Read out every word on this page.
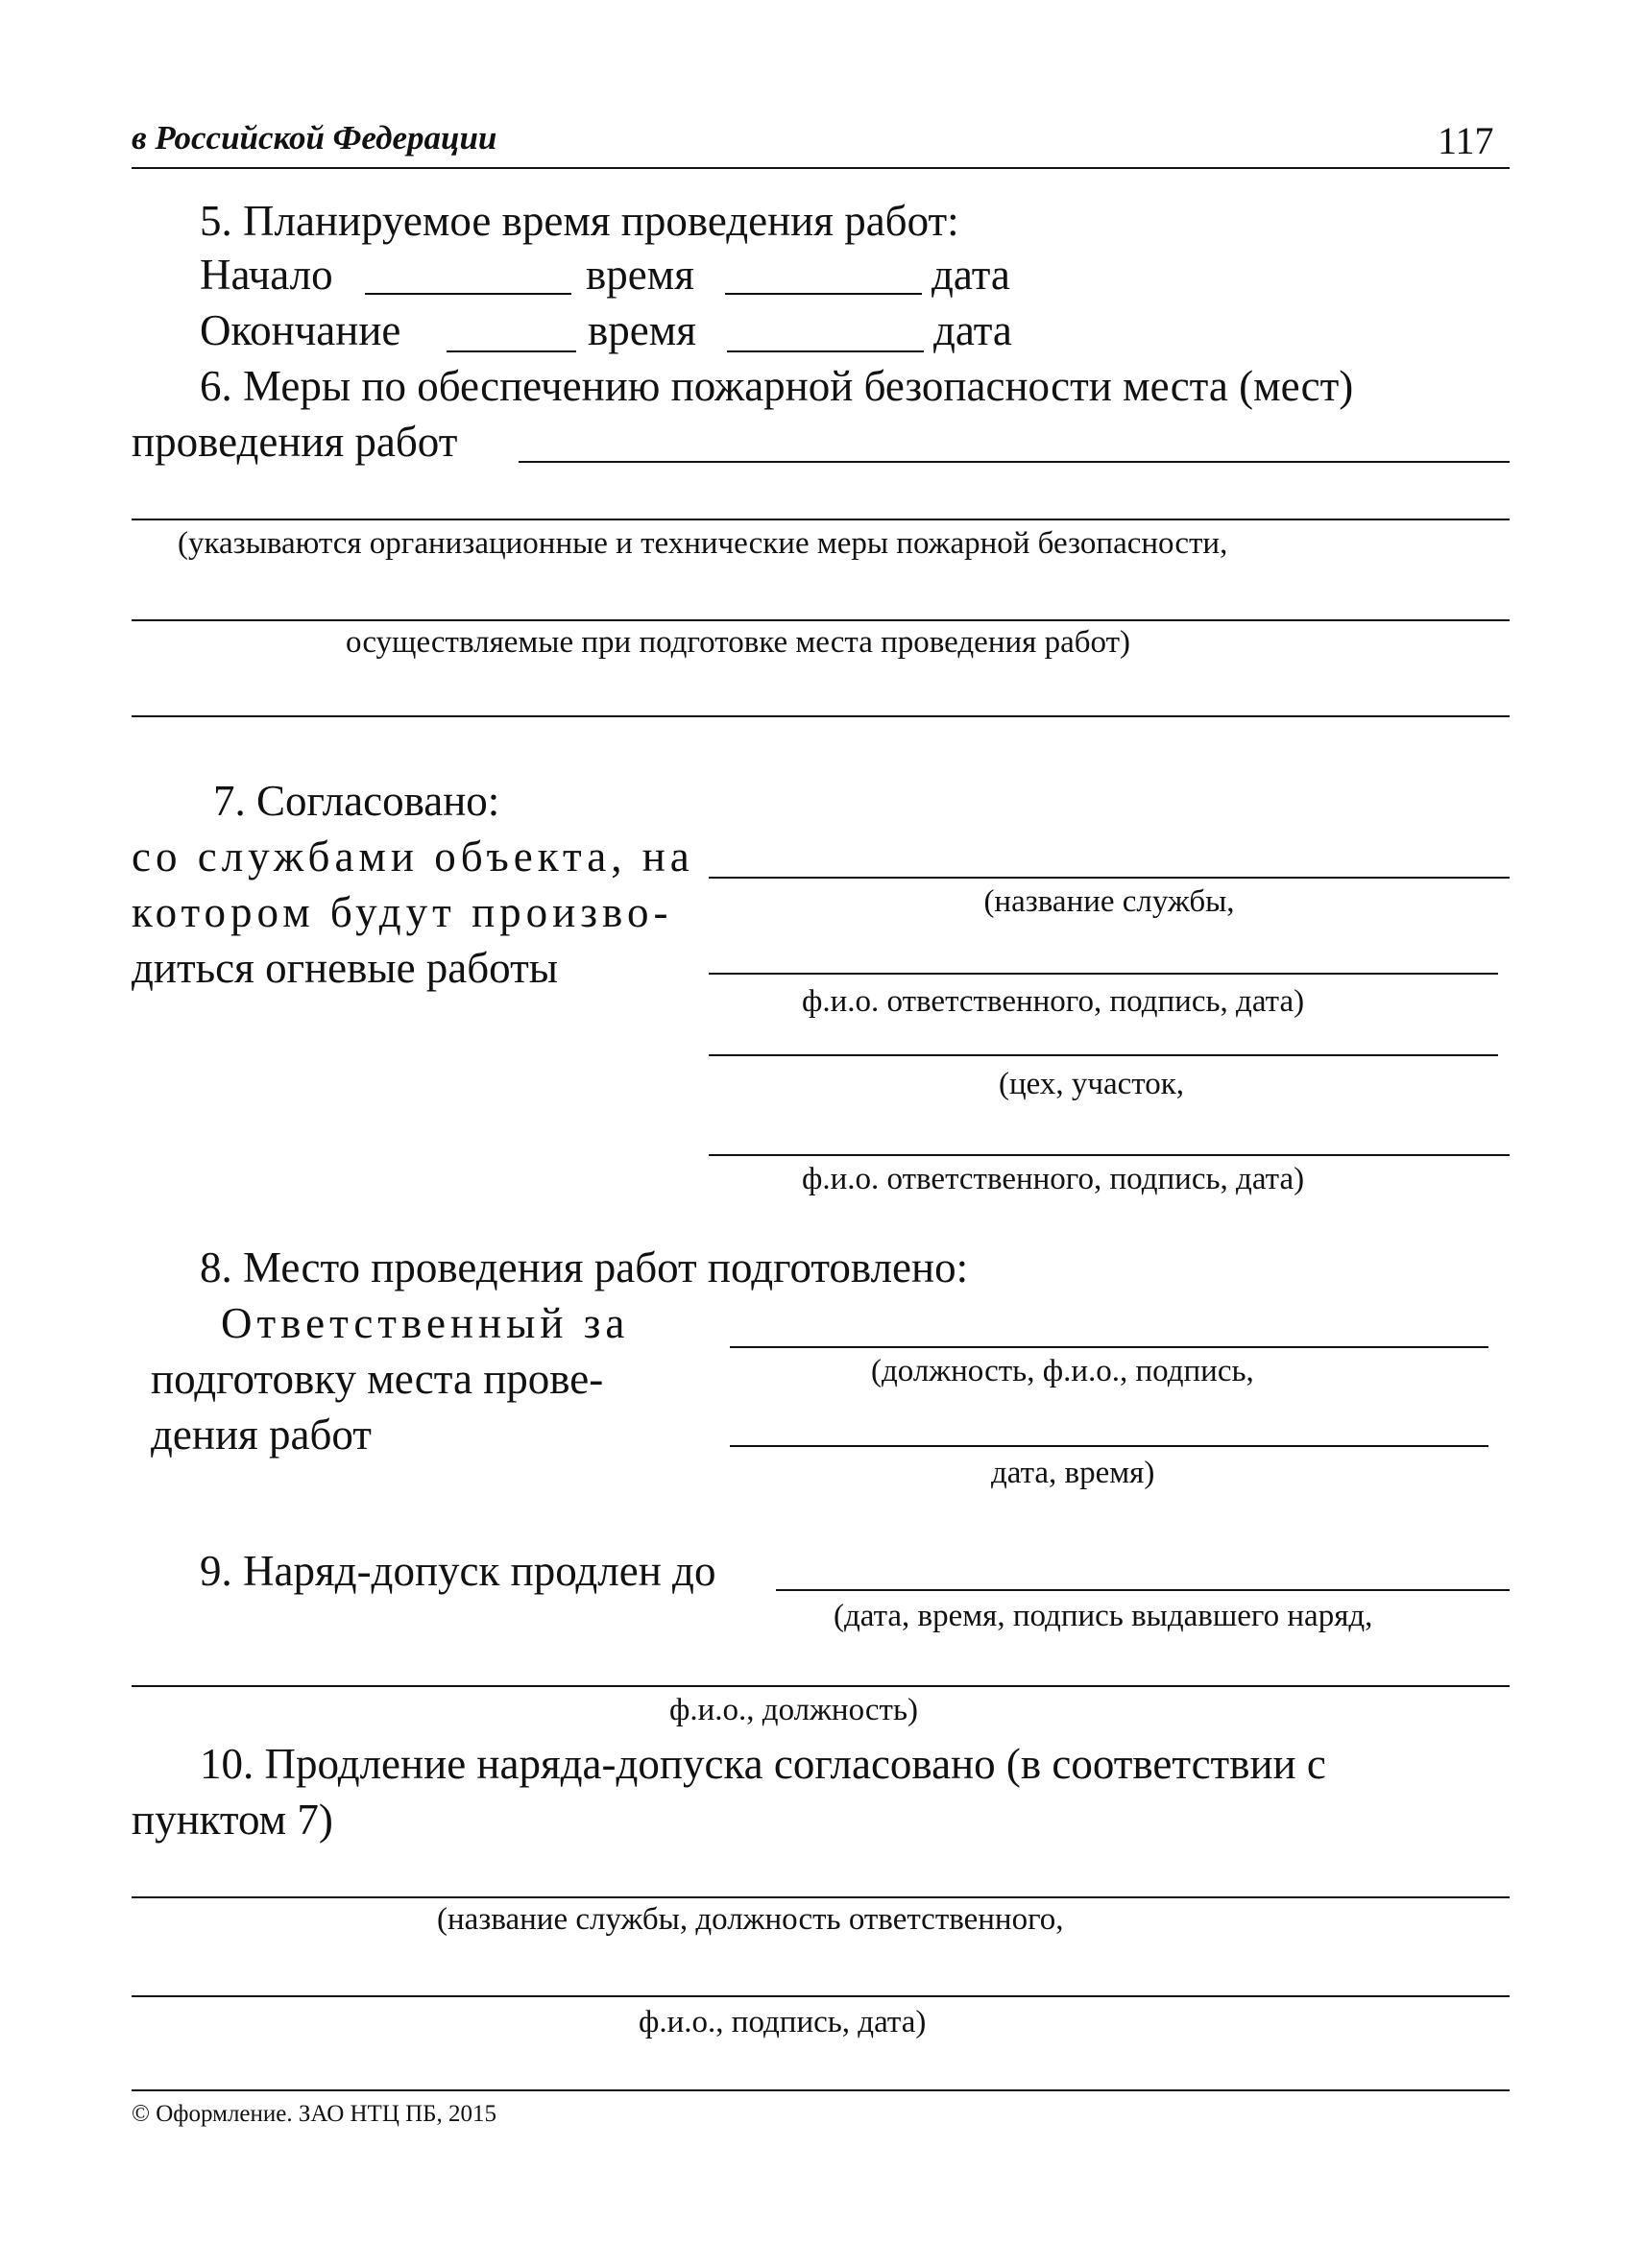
в Российской Федерации	117
5. Планируемое время проведения работ:
Начало	время	дата
Окончание	время	дата
6. Меры по обеспечению пожарной безопасности места (мест)
проведения работ
(указываются организационные и технические меры пожарной безопасности,
осуществляемые при подготовке места проведения работ)
7. Согласовано:
со службами объекта, на
котором будут произво-
диться огневые работы
(название службы,
ф.и.о. ответственного, подпись, дата)
(цех, участок,
ф.и.о. ответственного, подпись, дата)
8. Место проведения работ подготовлено:
Ответственный за
подготовку места прове-
дения работ
(должность, ф.и.о., подпись,
дата, время)
9. Наряд-допуск продлен до
(дата, время, подпись выдавшего наряд,
ф.и.о., должность)
10. Продление наряда-допуска согласовано (в соответствии с
пунктом 7)
(название службы, должность ответственного,
ф.и.о., подпись, дата)
© Оформление. ЗАО НТЦ ПБ, 2015
